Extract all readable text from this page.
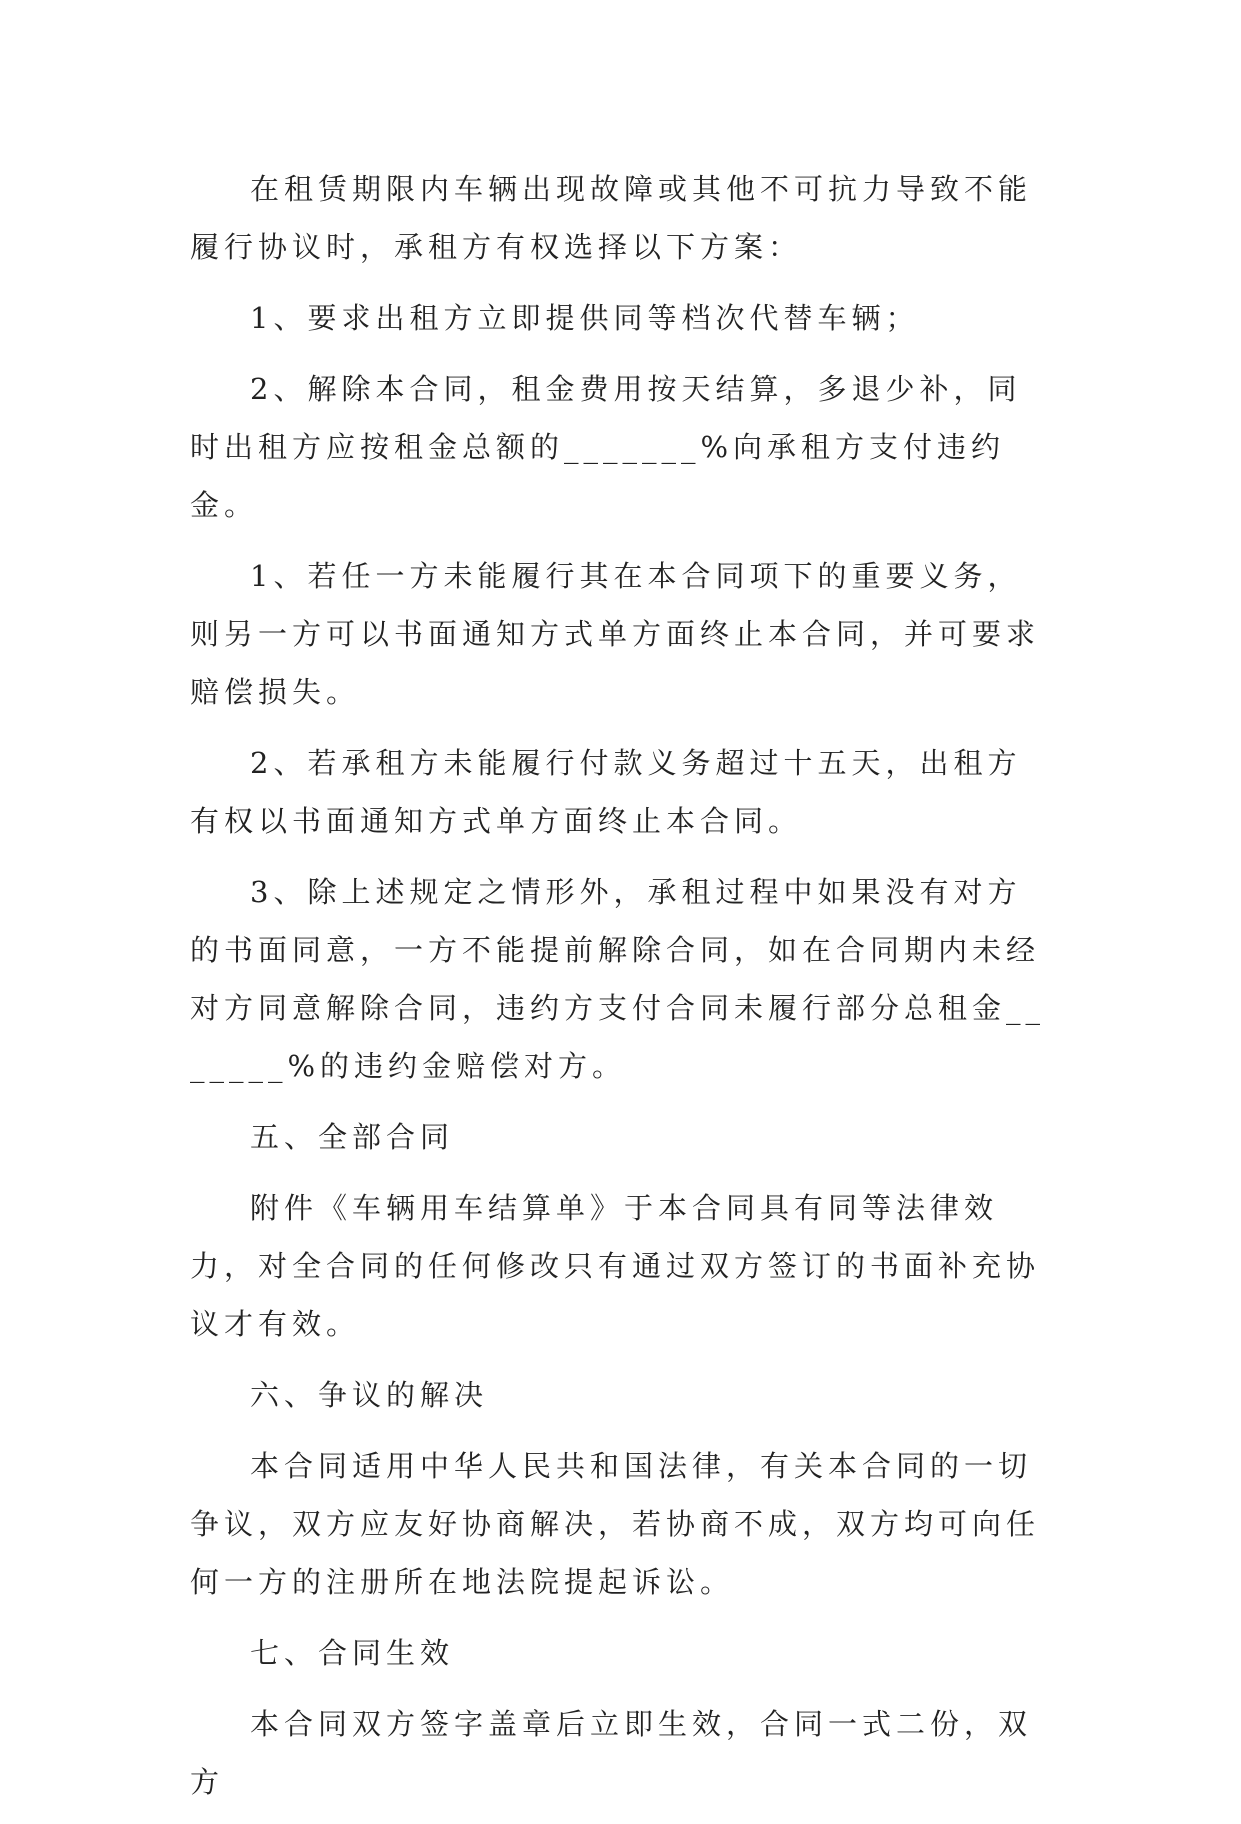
在租赁期限内车辆出现故障或其他不可抗力导致不能履行协议时，承租方有权选择以下方案：

1、要求出租方立即提供同等档次代替车辆；

2、解除本合同，租金费用按天结算，多退少补，同时出租方应按租金总额的_______%向承租方支付违约金。

1、若任一方未能履行其在本合同项下的重要义务，则另一方可以书面通知方式单方面终止本合同，并可要求赔偿损失。

2、若承租方未能履行付款义务超过十五天，出租方有权以书面通知方式单方面终止本合同。

3、除上述规定之情形外，承租过程中如果没有对方的书面同意，一方不能提前解除合同，如在合同期内未经对方同意解除合同，违约方支付合同未履行部分总租金_______%的违约金赔偿对方。

五、全部合同

附件《车辆用车结算单》于本合同具有同等法律效力，对全合同的任何修改只有通过双方签订的书面补充协议才有效。

六、争议的解决

本合同适用中华人民共和国法律，有关本合同的一切争议，双方应友好协商解决，若协商不成，双方均可向任何一方的注册所在地法院提起诉讼。

七、合同生效

本合同双方签字盖章后立即生效，合同一式二份，双方
